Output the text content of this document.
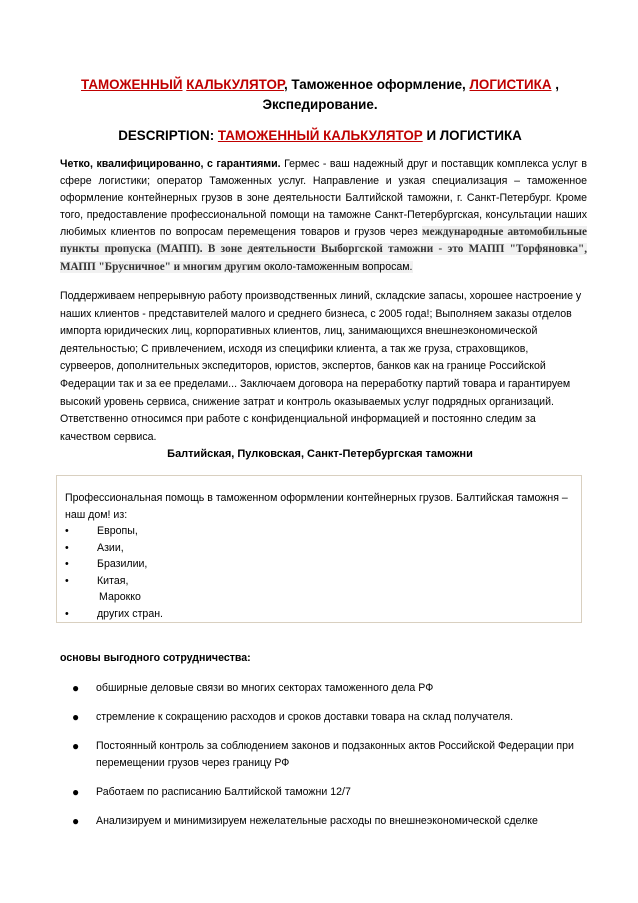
ТАМОЖЕННЫЙ КАЛЬКУЛЯТОР, Таможенное оформление, ЛОГИСТИКА ,
Экспедирование.
DESCRIPTION: ТАМОЖЕННЫЙ КАЛЬКУЛЯТОР И ЛОГИСТИКА

Четко, квалифицированно, с гарантиями. Гермес - ваш надежный друг и поставщик комплекса услуг в сфере логистики; оператор Таможенных услуг. Направление и узкая специализация – таможенное оформление контейнерных грузов в зоне деятельности Балтийской таможни, г. Санкт-Петербург. Кроме того, предоставление профессиональной помощи на таможне Санкт-Петербургская, консультации наших любимых клиентов по вопросам перемещения товаров и грузов через международные автомобильные пункты пропуска (МАПП). В зоне деятельности Выборгской таможни - это МАПП "Торфяновка", МАПП "Брусничное" и многим другим около-таможенным вопросам.

Поддерживаем непрерывную работу производственных линий, складские запасы, хорошее настроение у наших клиентов - представителей малого и среднего бизнеса, с 2005 года!; Выполняем заказы отделов импорта юридических лиц, корпоративных клиентов, лиц, занимающихся внешнеэкономической деятельностью; С привлечением, исходя из специфики клиента, а так же груза, страховщиков, сурвееров, дополнительных экспедиторов, юристов, экспертов, банков как на границе Российской Федерации так и за ее пределами... Заключаем договора на переработку партий товара и гарантируем высокий уровень сервиса, снижение затрат и контроль оказываемых услуг подрядных организаций. Ответственно относимся при работе с конфиденциальной информацией и постоянно следим за качеством сервиса.

Балтийская, Пулковская, Санкт-Петербургская таможни
Профессиональная помощь в таможенном оформлении контейнерных грузов. Балтийская таможня – наш дом! из:
•	Европы,
•	Азии,
•	Бразилии,
•	Китая,
Марокко
•	других стран.
основы выгодного сотрудничества:
● обширные деловые связи во многих секторах таможенного дела РФ
● стремление к сокращению расходов и сроков доставки товара на склад получателя.
● Постоянный контроль за соблюдением законов и подзаконных актов Российской Федерации при перемещении грузов через границу РФ
● Работаем по расписанию Балтийской таможни 12/7
● Анализируем и минимизируем нежелательные расходы по внешнеэкономической сделке
